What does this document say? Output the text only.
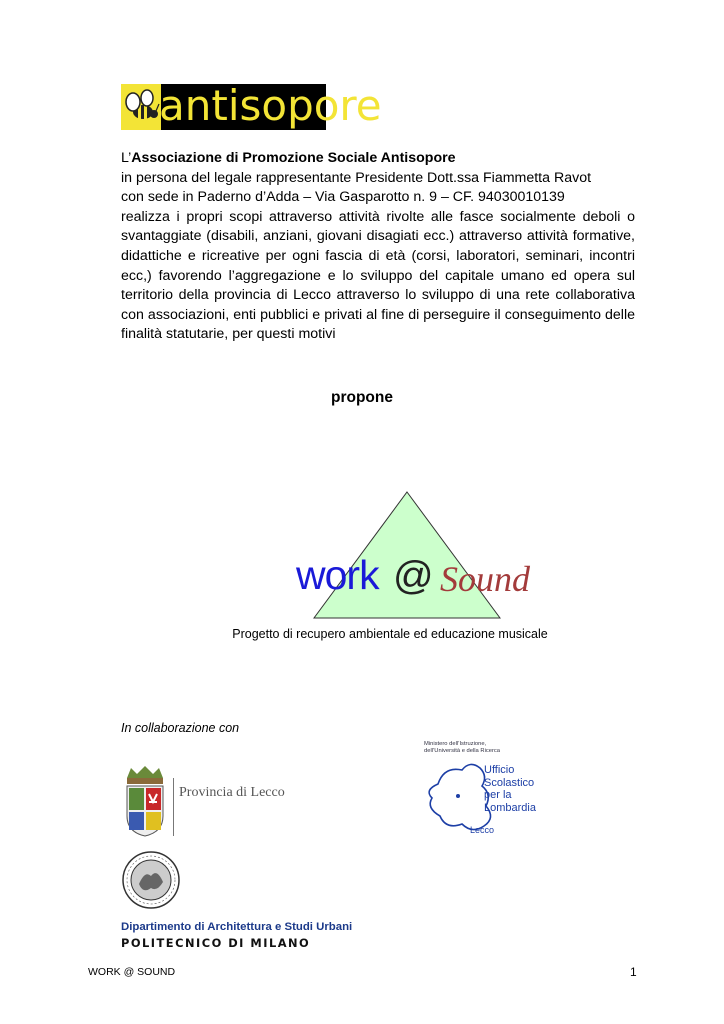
antisopore

L’Associazione di Promozione Sociale Antisopore

in persona del legale rappresentante Presidente Dott.ssa Fiammetta Ravot

con sede in Paderno d’Adda – Via Gasparotto n. 9 – CF. 94030010139

realizza i propri scopi attraverso attività rivolte alle fasce socialmente deboli o svantaggiate (disabili, anziani, giovani disagiati ecc.) attraverso attività formative, didattiche e ricreative per ogni fascia di età (corsi, laboratori, seminari, incontri ecc,) favorendo l’aggregazione e lo sviluppo del capitale umano ed opera sul territorio della provincia di Lecco attraverso lo sviluppo di una rete collaborativa con associazioni, enti pubblici e privati al fine di perseguire il conseguimento delle finalità statutarie, per questi motivi

propone
work @ Sound
Progetto di recupero ambientale ed educazione musicale
In collaborazione con
Provincia di Lecco
Ministero dell’Istruzione,
dell’Università e della Ricerca
Ufficio
Scolastico
per la
Lombardia
Lecco
Dipartimento di Architettura e Studi Urbani
POLITECNICO DI MILANO
WORK @ SOUND	1
